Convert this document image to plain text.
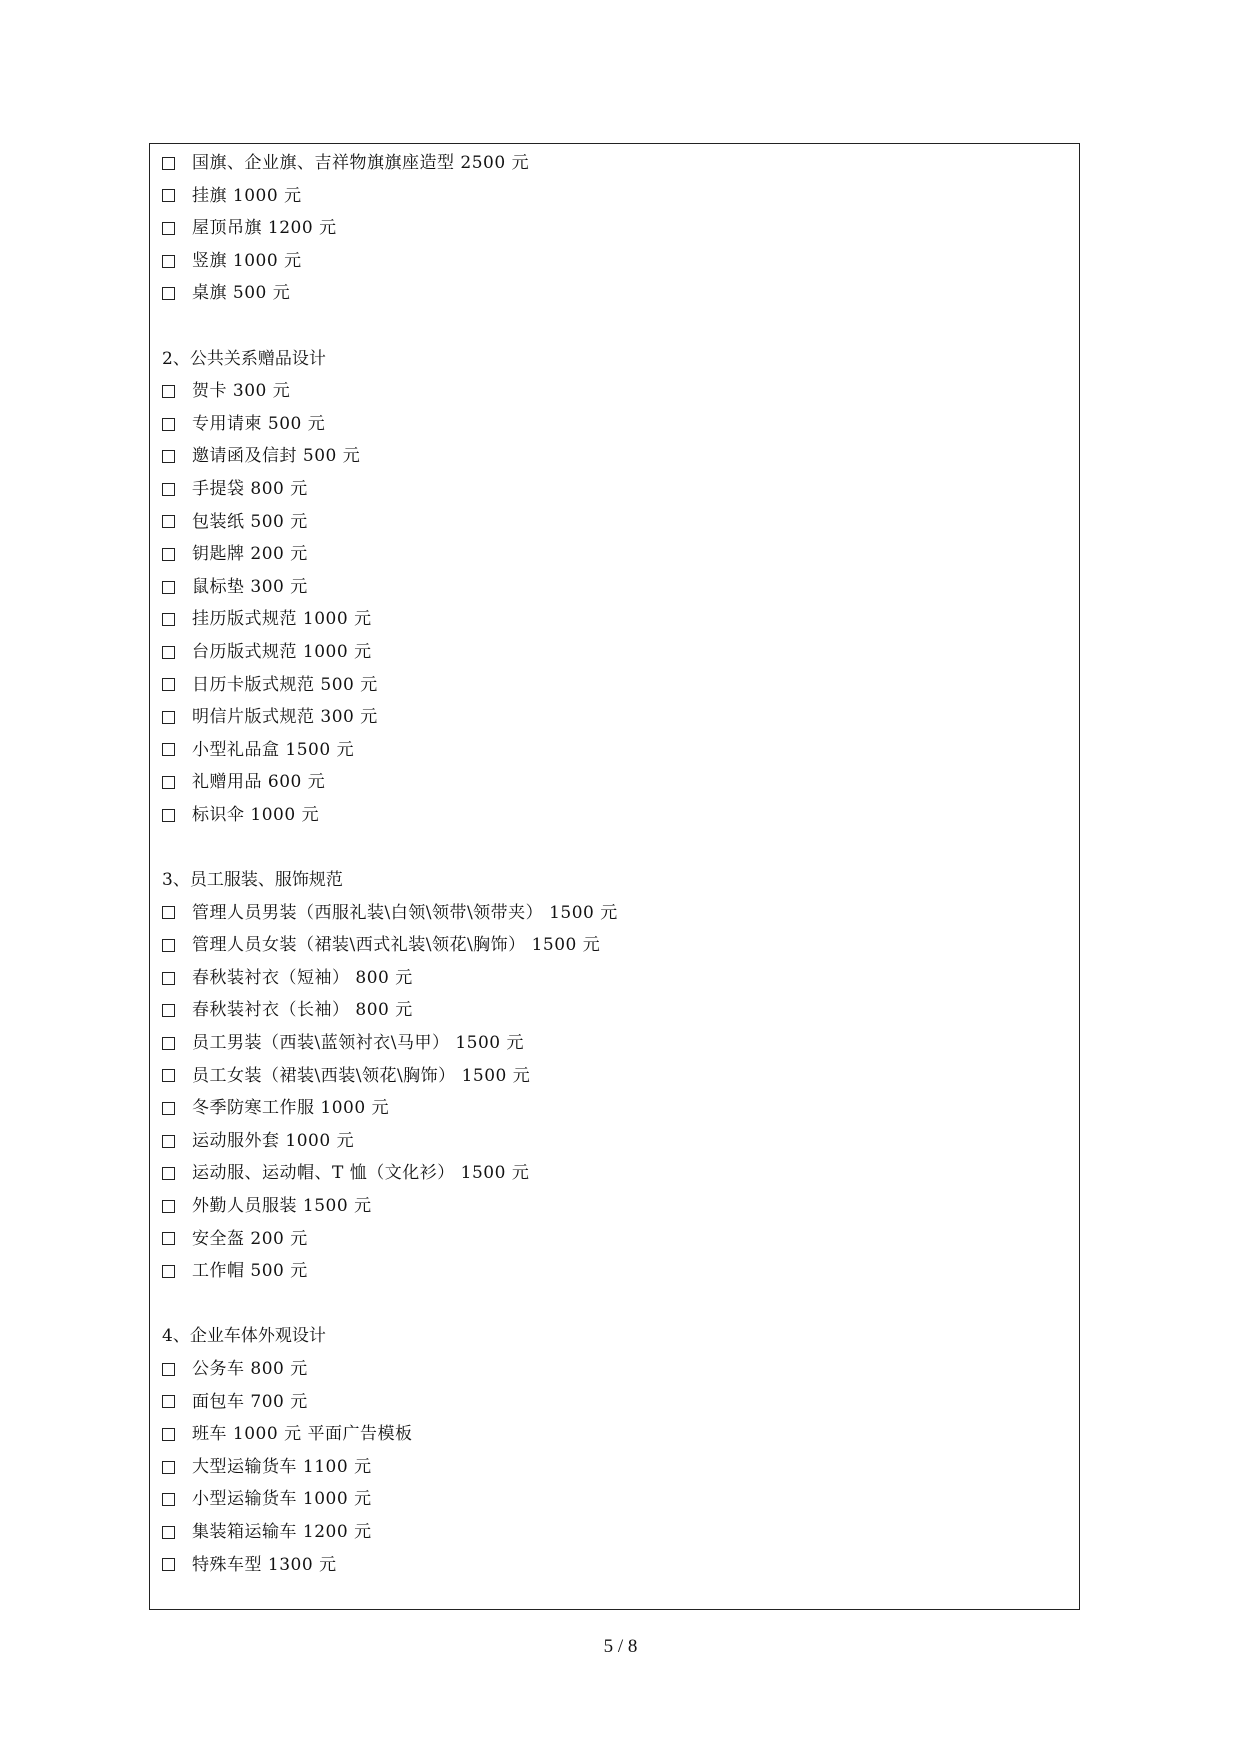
国旗、企业旗、吉祥物旗旗座造型 2500 元
挂旗 1000 元
屋顶吊旗 1200 元
竖旗 1000 元
桌旗 500 元
2、公共关系赠品设计
贺卡 300 元
专用请柬 500 元
邀请函及信封 500 元
手提袋 800 元
包装纸 500 元
钥匙牌 200 元
鼠标垫 300 元
挂历版式规范 1000 元
台历版式规范 1000 元
日历卡版式规范 500 元
明信片版式规范 300 元
小型礼品盒 1500 元
礼赠用品 600 元
标识伞 1000 元
3、员工服装、服饰规范
管理人员男装（西服礼装\白领\领带\领带夹） 1500 元
管理人员女装（裙装\西式礼装\领花\胸饰） 1500 元
春秋装衬衣（短袖） 800 元
春秋装衬衣（长袖） 800 元
员工男装（西装\蓝领衬衣\马甲） 1500 元
员工女装（裙装\西装\领花\胸饰） 1500 元
冬季防寒工作服 1000 元
运动服外套 1000 元
运动服、运动帽、T 恤（文化衫） 1500 元
外勤人员服装 1500 元
安全盔 200 元
工作帽 500 元
4、企业车体外观设计
公务车 800 元
面包车 700 元
班车 1000 元 平面广告模板
大型运输货车 1100 元
小型运输货车 1000 元
集装箱运输车 1200 元
特殊车型 1300 元
5 / 8
